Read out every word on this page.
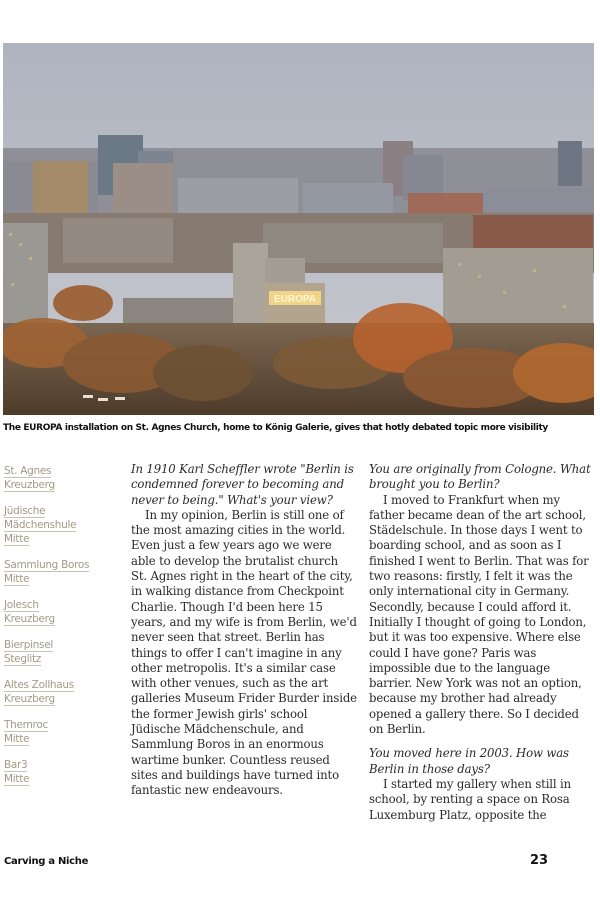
EUROPA
The EUROPA installation on St. Agnes Church, home to König Galerie, gives that hotly debated topic more visibility
St. Agnes
Kreuzberg
Jüdische Mädchenshule
Mitte
Sammlung Boros
Mitte
Jolesch
Kreuzberg
Bierpinsel
Steglitz
Altes Zollhaus
Kreuzberg
Themroc
Mitte
Bar3
Mitte

In 1910 Karl Scheffler wrote "Berlin is condemned forever to becoming and never to being." What's your view?

In my opinion, Berlin is still one of the most amazing cities in the world. Even just a few years ago we were able to develop the brutalist church St. Agnes right in the heart of the city, in walking distance from Checkpoint Charlie. Though I'd been here 15 years, and my wife is from Berlin, we'd never seen that street. Berlin has things to offer I can't imagine in any other metropolis. It's a similar case with other venues, such as the art galleries Museum Frider Burder inside the former Jewish girls' school Jüdische Mädchenschule, and Sammlung Boros in an enormous wartime bunker. Countless reused sites and buildings have turned into fantastic new endeavours.

You are originally from Cologne. What brought you to Berlin?

I moved to Frankfurt when my father became dean of the art school, Städelschule. In those days I went to boarding school, and as soon as I finished I went to Berlin. That was for two reasons: firstly, I felt it was the only international city in Germany. Secondly, because I could afford it. Initially I thought of going to London, but it was too expensive. Where else could I have gone? Paris was impossible due to the language barrier. New York was not an option, because my brother had already opened a gallery there. So I decided on Berlin.

You moved here in 2003. How was Berlin in those days?

I started my gallery when still in school, by renting a space on Rosa Luxemburg Platz, opposite the

Carving a Niche	23
